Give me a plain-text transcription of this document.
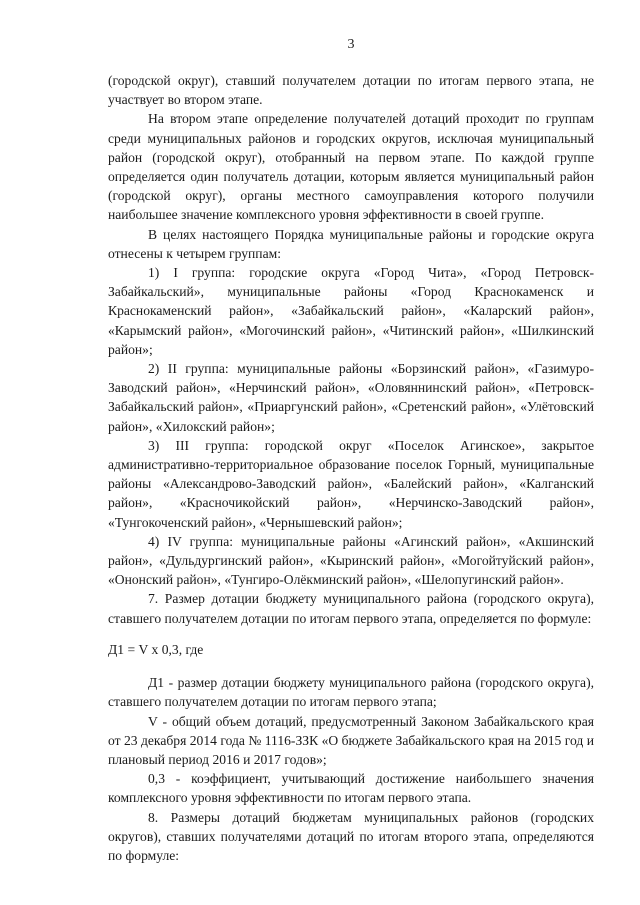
3

(городской округ), ставший получателем дотации по итогам первого этапа, не участвует во втором этапе.

На втором этапе определение получателей дотаций проходит по группам среди муниципальных районов и городских округов, исключая муниципальный район (городской округ), отобранный на первом этапе. По каждой группе определяется один получатель дотации, которым является муниципальный район (городской округ), органы местного самоуправления которого получили наибольшее значение комплексного уровня эффективности в своей группе.

В целях настоящего Порядка муниципальные районы и городские округа отнесены к четырем группам:

1) I группа: городские округа «Город Чита», «Город Петровск-Забайкальский», муниципальные районы «Город Краснокаменск и Краснокаменский район», «Забайкальский район», «Каларский район», «Карымский район», «Могочинский район», «Читинский район», «Шилкинский район»;

2) II группа: муниципальные районы «Борзинский район», «Газимуро-Заводский район», «Нерчинский район», «Оловяннинский район», «Петровск-Забайкальский район», «Приаргунский район», «Сретенский район», «Улётовский район», «Хилокский район»;

3) III группа: городской округ «Поселок Агинское», закрытое административно-территориальное образование поселок Горный, муниципальные районы «Александрово-Заводский район», «Балейский район», «Калганский район», «Красночикойский район», «Нерчинско-Заводский район», «Тунгокоченский район», «Чернышевский район»;

4) IV группа: муниципальные районы «Агинский район», «Акшинский район», «Дульдургинский район», «Кыринский район», «Могойтуйский район», «Ононский район», «Тунгиро-Олёкминский район», «Шелопугинский район».

7. Размер дотации бюджету муниципального района (городского округа), ставшего получателем дотации по итогам первого этапа, определяется по формуле:

Д1 = V x 0,3, где

Д1 - размер дотации бюджету муниципального района (городского округа), ставшего получателем дотации по итогам первого этапа;

V - общий объем дотаций, предусмотренный Законом Забайкальского края от 23 декабря 2014 года № 1116-ЗЗК «О бюджете Забайкальского края на 2015 год и плановый период 2016 и 2017 годов»;

0,3 - коэффициент, учитывающий достижение наибольшего значения комплексного уровня эффективности по итогам первого этапа.

8. Размеры дотаций бюджетам муниципальных районов (городских округов), ставших получателями дотаций по итогам второго этапа, определяются по формуле:
